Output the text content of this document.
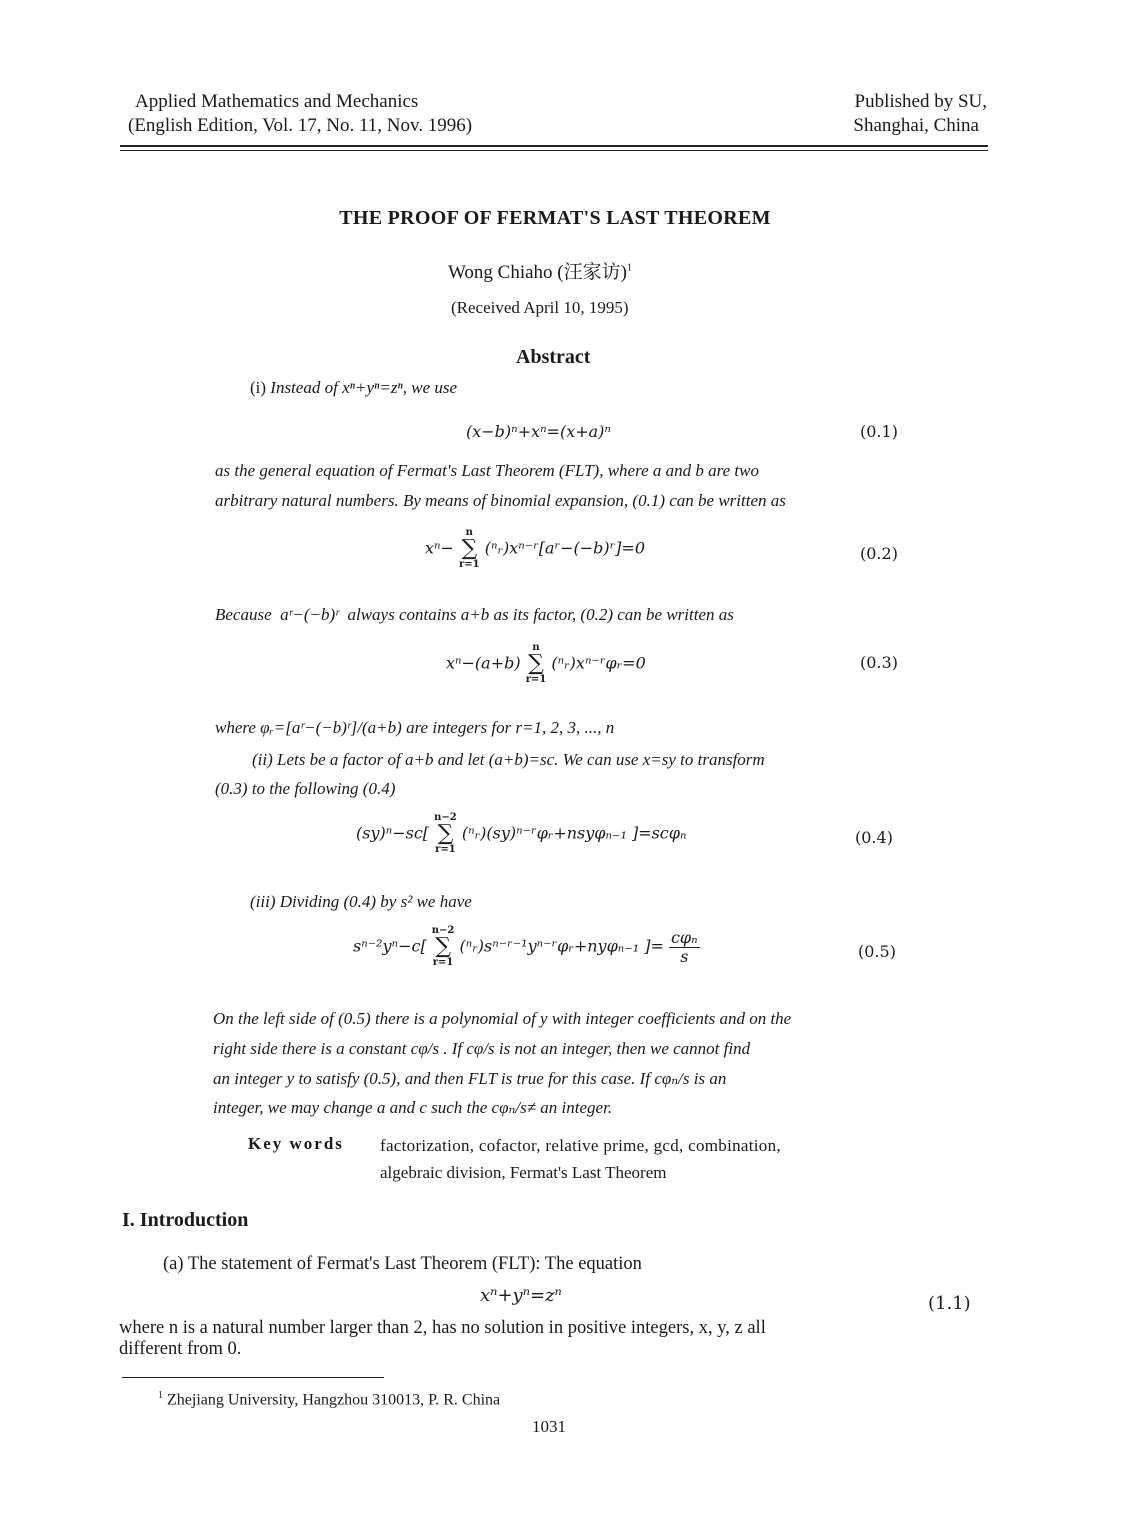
Applied Mathematics and Mechanics
(English Edition, Vol. 17, No. 11, Nov. 1996)
Published by SU,
Shanghai, China
THE PROOF OF FERMAT'S LAST THEOREM
Wong Chiaho (汪家访)$^1$
(Received April 10, 1995)
Abstract
(i) Instead of xⁿ+yⁿ=zⁿ, we use
(x−b)ⁿ+xⁿ=(x+a)ⁿ	(0.1)
as the general equation of Fermat's Last Theorem (FLT), where a and b are two
arbitrary natural numbers. By means of binomial expansion, (0.1) can be written as
xⁿ−
n
∑
r=1
(ⁿᵣ)xⁿ⁻ʳ[aʳ−(−b)ʳ]=0	(0.2)
Because aʳ−(−b)ʳ always contains a+b as its factor, (0.2) can be written as
xⁿ−(a+b)
n
∑
r=1
(ⁿᵣ)xⁿ⁻ʳφᵣ=0	(0.3)
where φᵣ=[aʳ−(−b)ʳ]/(a+b) are integers for r=1, 2, 3, ..., n
(ii) Lets be a factor of a+b and let (a+b)=sc. We can use x=sy to transform
(0.3) to the following (0.4)
(sy)ⁿ−sc[
n−2
∑
r=1
(ⁿᵣ)(sy)ⁿ⁻ʳφᵣ+nsyφₙ₋₁ ]=scφₙ	(0.4)
(iii) Dividing (0.4) by s² we have
sⁿ⁻²yⁿ−c[
n−2
∑
r=1
(ⁿᵣ)sⁿ⁻ʳ⁻¹yⁿ⁻ʳφᵣ+nyφₙ₋₁ ]= cφₙ
s	(0.5)
On the left side of (0.5) there is a polynomial of y with integer coefficients and on the
right side there is a constant cφ/s . If cφ/s is not an integer, then we cannot find
an integer y to satisfy (0.5), and then FLT is true for this case. If cφₙ/s is an
integer, we may change a and c such the cφₙ/s≠ an integer.
Key words factorization, cofactor, relative prime, gcd, combination,
algebraic division, Fermat's Last Theorem
I. Introduction
(a) The statement of Fermat's Last Theorem (FLT): The equation
xⁿ+yⁿ=zⁿ	(1.1)
where n is a natural number larger than 2, has no solution in positive integers, x, y, z all
different from 0.
$^1$ Zhejiang University, Hangzhou 310013, P. R. China
1031
